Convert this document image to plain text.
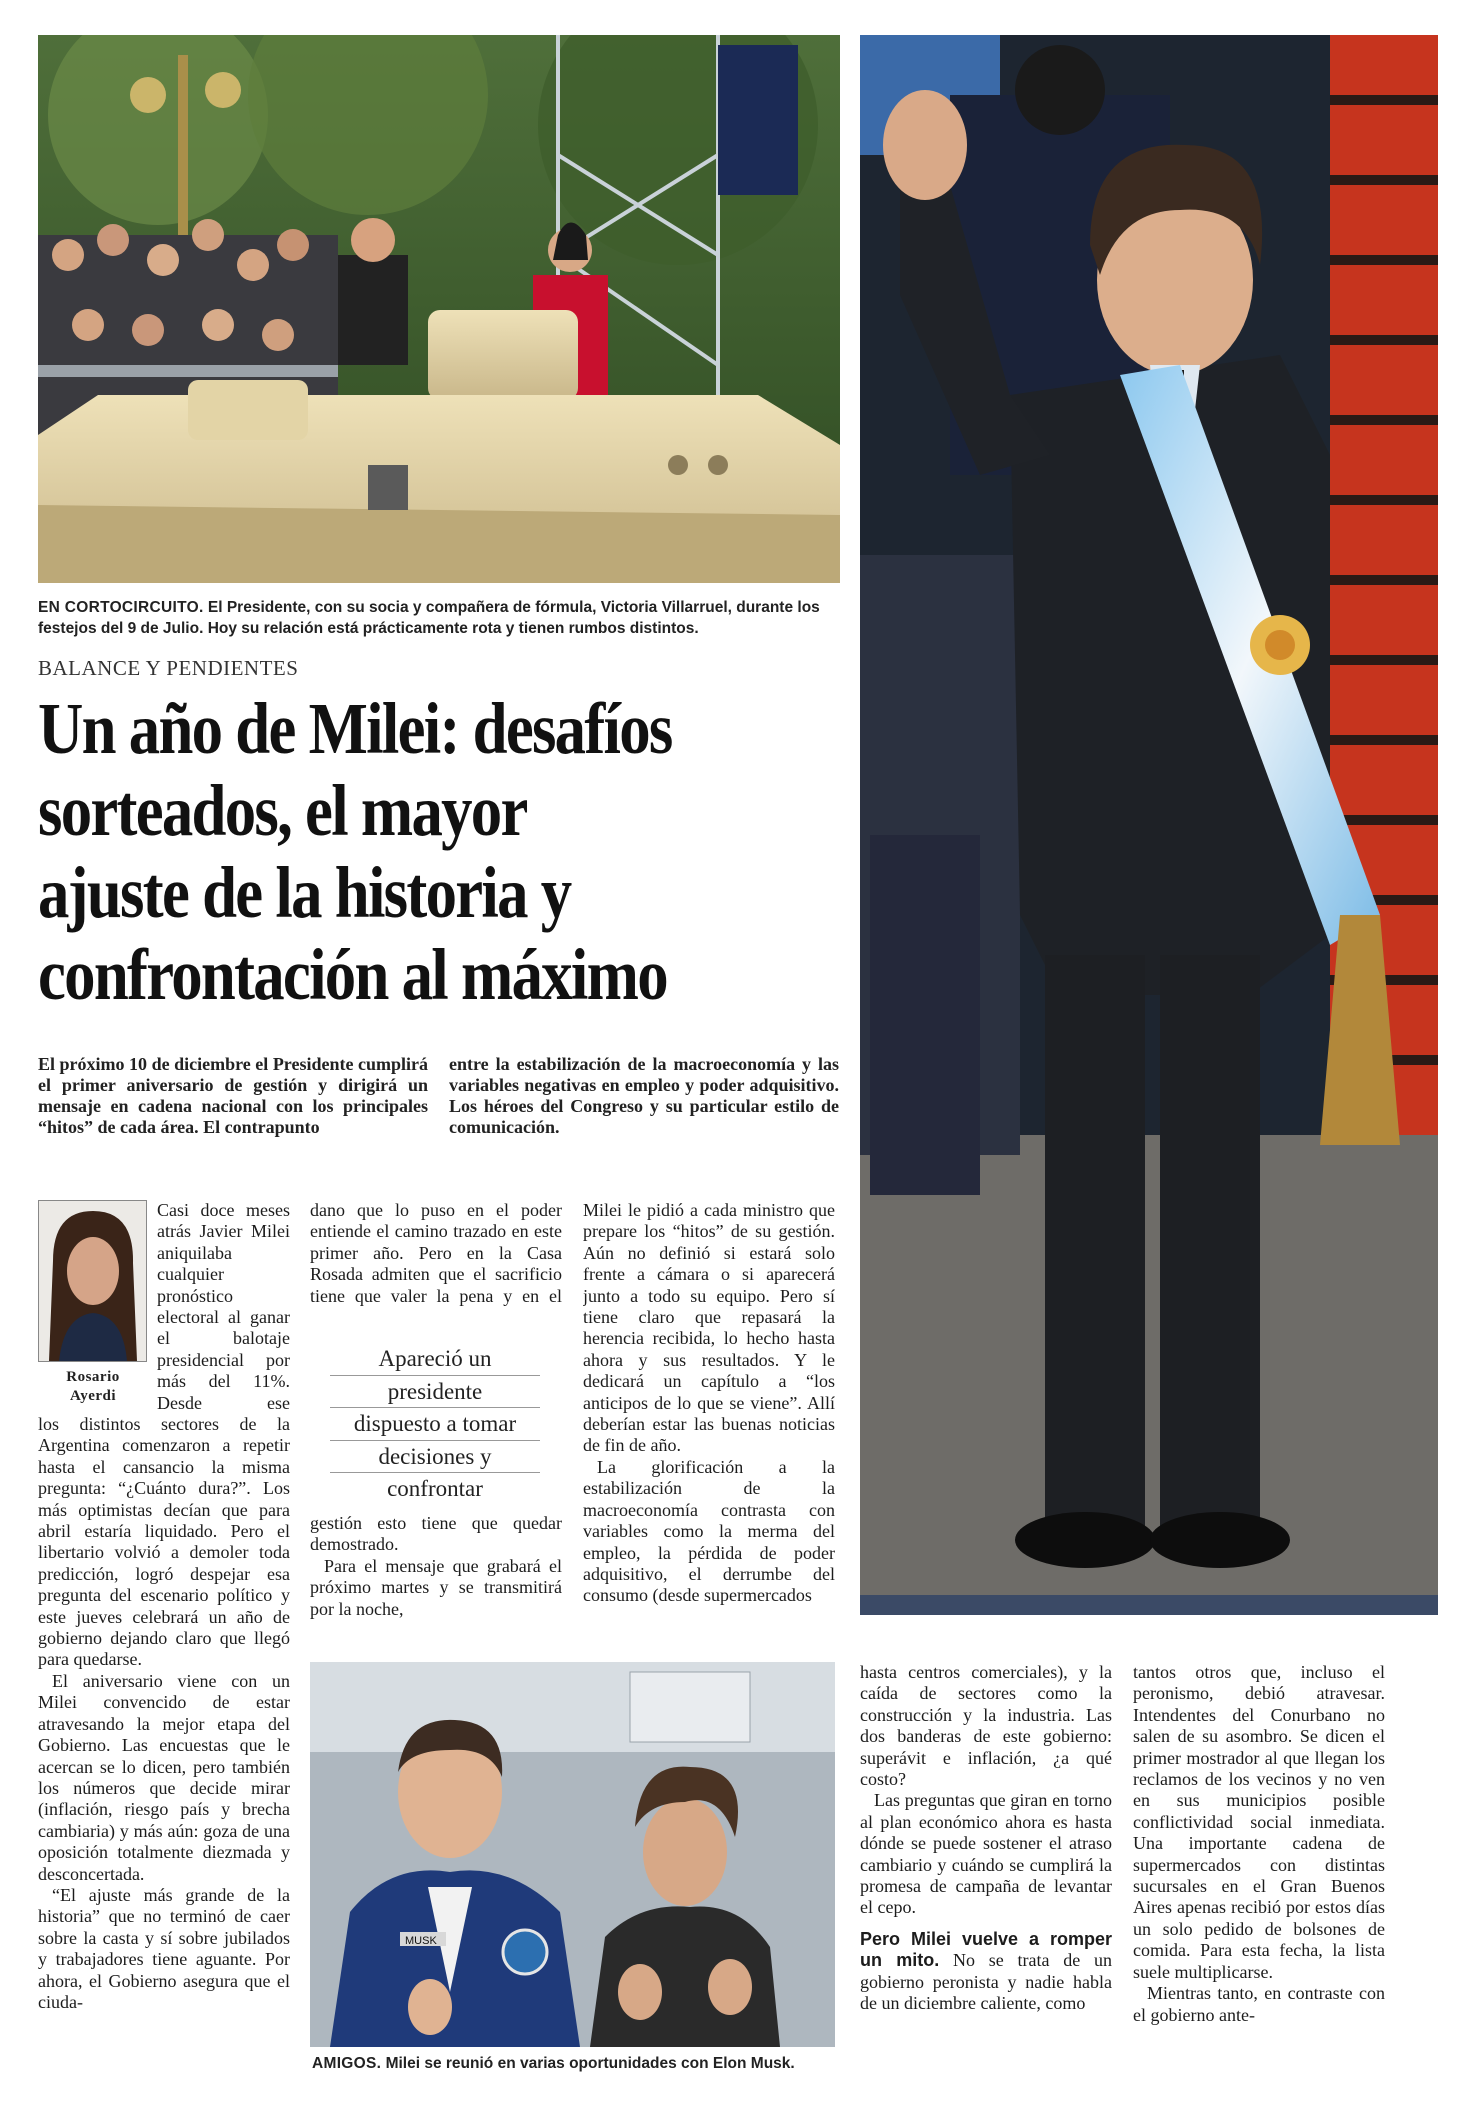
EN CORTOCIRCUITO. El Presidente, con su socia y compañera de fórmula, Victoria Villarruel, durante los festejos del 9 de Julio. Hoy su relación está prácticamente rota y tienen rumbos distintos.
BALANCE Y PENDIENTES
Un año de Milei: desafíos
sorteados, el mayor
ajuste de la historia y
confrontación al máximo
El próximo 10 de diciembre el Presidente cumplirá el primer aniversario de gestión y dirigirá un mensaje en cadena nacional con los principales “hitos” de cada área. El contrapunto
entre la estabilización de la macroeconomía y las variables negativas en empleo y poder adquisitivo. Los héroes del Congreso y su particular estilo de comunicación.
Rosario
Ayerdi

Casi doce meses atrás Javier Milei aniquilaba cualquier pronóstico electoral al ganar el balotaje presidencial por más del 11%. Desde ese

los distintos sectores de la Argentina comenzaron a repetir hasta el cansancio la misma pregunta: “¿Cuánto dura?”. Los más optimistas decían que para abril estaría liquidado. Pero el libertario volvió a demoler toda predicción, logró despejar esa pregunta del escenario político y este jueves celebrará un año de gobierno dejando claro que llegó para quedarse.

El aniversario viene con un Milei convencido de estar atravesando la mejor etapa del Gobierno. Las encuestas que le acercan se lo dicen, pero también los números que decide mirar (inflación, riesgo país y brecha cambiaria) y más aún: goza de una oposición totalmente diezmada y desconcertada.

“El ajuste más grande de la historia” que no terminó de caer sobre la casta y sí sobre jubilados y trabajadores tiene aguante. Por ahora, el Gobierno asegura que el ciuda-

dano que lo puso en el poder entiende el camino trazado en este primer año. Pero en la Casa Rosada admiten que el sacrificio tiene que valer la pena y en el

Apareció un
presidente
dispuesto a tomar
decisiones y
confrontar

gestión esto tiene que quedar demostrado.

Para el mensaje que grabará el próximo martes y se transmitirá por la noche,

Milei le pidió a cada ministro que prepare los “hitos” de su gestión. Aún no definió si estará solo frente a cámara o si aparecerá junto a todo su equipo. Pero sí tiene claro que repasará la herencia recibida, lo hecho hasta ahora y sus resultados. Y le dedicará un capítulo a “los anticipos de lo que se viene”. Allí deberían estar las buenas noticias de fin de año.

La glorificación a la estabilización de la macroeconomía contrasta con variables como la merma del empleo, la pérdida de poder adquisitivo, el derrumbe del consumo (desde supermercados

MUSK
AMIGOS. Milei se reunió en varias oportunidades con Elon Musk.

hasta centros comerciales), y la caída de sectores como la construcción y la industria. Las dos banderas de este gobierno: superávit e inflación, ¿a qué costo?

Las preguntas que giran en torno al plan económico ahora es hasta dónde se puede sostener el atraso cambiario y cuándo se cumplirá la promesa de campaña de levantar el cepo.

Pero Milei vuelve a romper un mito. No se trata de un gobierno peronista y nadie habla de un diciembre caliente, como

tantos otros que, incluso el peronismo, debió atravesar. Intendentes del Conurbano no salen de su asombro. Se dicen el primer mostrador al que llegan los reclamos de los vecinos y no ven en sus municipios posible conflictividad social inmediata. Una importante cadena de supermercados con distintas sucursales en el Gran Buenos Aires apenas recibió por estos días un solo pedido de bolsones de comida. Para esta fecha, la lista suele multiplicarse.

Mientras tanto, en contraste con el gobierno ante-
